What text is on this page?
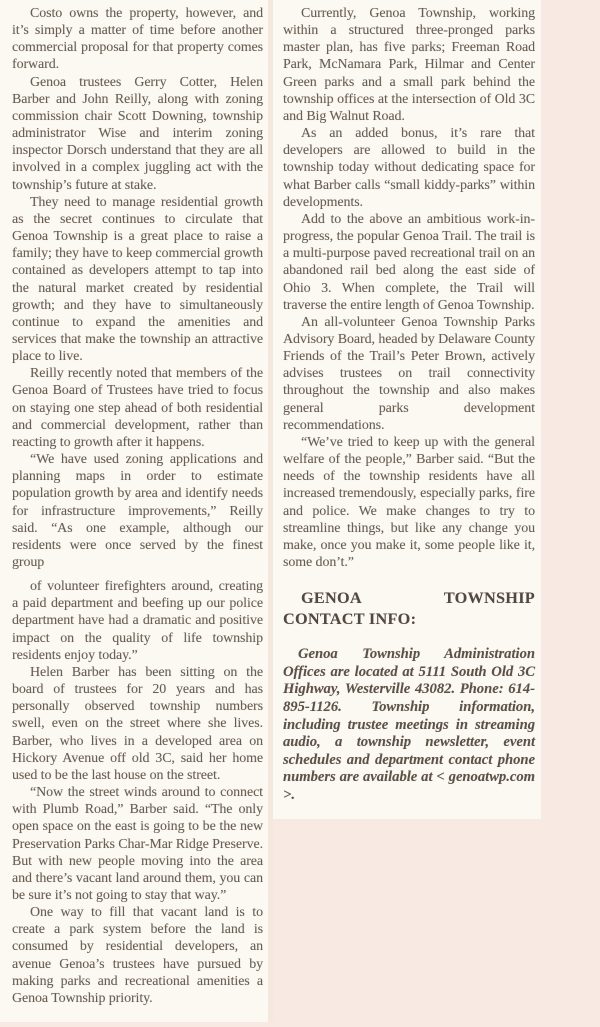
Costo owns the property, however, and it’s simply a matter of time before another commercial proposal for that property comes forward.

Genoa trustees Gerry Cotter, Helen Barber and John Reilly, along with zoning commission chair Scott Downing, township administrator Wise and interim zoning inspector Dorsch understand that they are all involved in a complex juggling act with the township’s future at stake.

They need to manage residential growth as the secret continues to circulate that Genoa Township is a great place to raise a family; they have to keep commercial growth contained as developers attempt to tap into the natural market created by residential growth; and they have to simultaneously continue to expand the amenities and services that make the township an attractive place to live.

Reilly recently noted that members of the Genoa Board of Trustees have tried to focus on staying one step ahead of both residential and commercial development, rather than reacting to growth after it happens.

“We have used zoning applications and planning maps in order to estimate population growth by area and identify needs for infrastructure improvements,” Reilly said. “As one example, although our residents were once served by the finest group

of volunteer firefighters around, creating a paid department and beefing up our police department have had a dramatic and positive impact on the quality of life township residents enjoy today.”

Helen Barber has been sitting on the board of trustees for 20 years and has personally observed township numbers swell, even on the street where she lives. Barber, who lives in a developed area on Hickory Avenue off old 3C, said her home used to be the last house on the street.

“Now the street winds around to connect with Plumb Road,” Barber said. “The only open space on the east is going to be the new Preservation Parks Char-Mar Ridge Preserve. But with new people moving into the area and there’s vacant land around them, you can be sure it’s not going to stay that way.”

One way to fill that vacant land is to create a park system before the land is consumed by residential developers, an avenue Genoa’s trustees have pursued by making parks and recreational amenities a Genoa Township priority.

Currently, Genoa Township, working within a structured three-pronged parks master plan, has five parks; Freeman Road Park, McNamara Park, Hilmar and Center Green parks and a small park behind the township offices at the intersection of Old 3C and Big Walnut Road.

As an added bonus, it’s rare that developers are allowed to build in the township today without dedicating space for what Barber calls “small kiddy-parks” within developments.

Add to the above an ambitious work-in-progress, the popular Genoa Trail. The trail is a multi-purpose paved recreational trail on an abandoned rail bed along the east side of Ohio 3. When complete, the Trail will traverse the entire length of Genoa Township.

An all-volunteer Genoa Township Parks Advisory Board, headed by Delaware County Friends of the Trail’s Peter Brown, actively advises trustees on trail connectivity throughout the township and also makes general parks development recommendations.

“We’ve tried to keep up with the general welfare of the people,” Barber said. “But the needs of the township residents have all increased tremendously, especially parks, fire and police. We make changes to try to streamline things, but like any change you make, once you make it, some people like it, some don’t.”

GENOA TOWNSHIP CONTACT INFO:

Genoa Township Administration Offices are located at 5111 South Old 3C Highway, Westerville 43082. Phone: 614-895-1126. Township information, including trustee meetings in streaming audio, a township newsletter, event schedules and department contact phone numbers are available at < genoatwp.com >.
